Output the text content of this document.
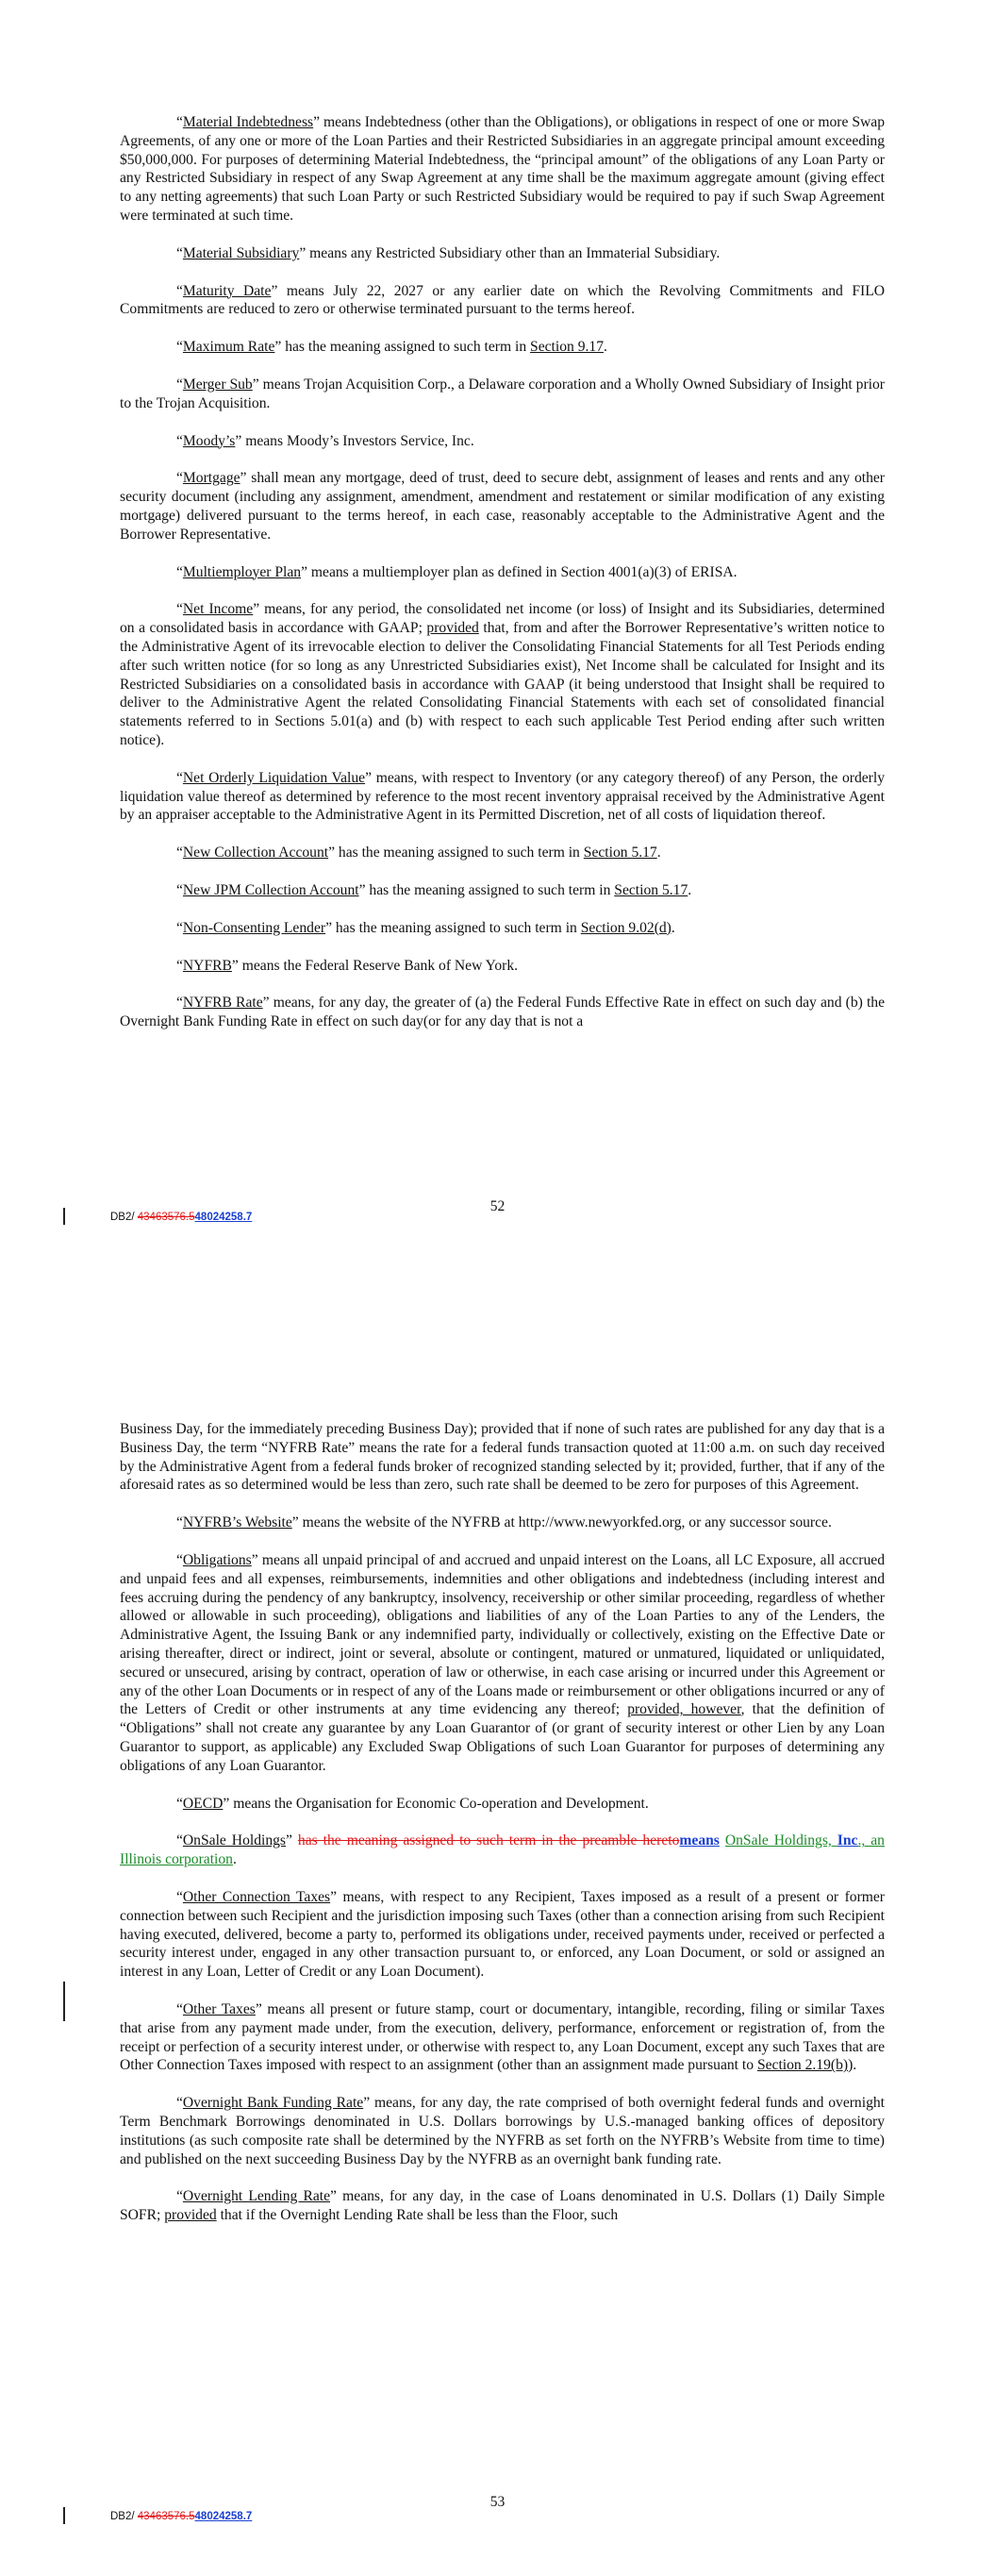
“Material Indebtedness” means Indebtedness (other than the Obligations), or obligations in respect of one or more Swap Agreements, of any one or more of the Loan Parties and their Restricted Subsidiaries in an aggregate principal amount exceeding $50,000,000. For purposes of determining Material Indebtedness, the “principal amount” of the obligations of any Loan Party or any Restricted Subsidiary in respect of any Swap Agreement at any time shall be the maximum aggregate amount (giving effect to any netting agreements) that such Loan Party or such Restricted Subsidiary would be required to pay if such Swap Agreement were terminated at such time.

“Material Subsidiary” means any Restricted Subsidiary other than an Immaterial Subsidiary.

“Maturity Date” means July 22, 2027 or any earlier date on which the Revolving Commitments and FILO Commitments are reduced to zero or otherwise terminated pursuant to the terms hereof.

“Maximum Rate” has the meaning assigned to such term in Section 9.17.

“Merger Sub” means Trojan Acquisition Corp., a Delaware corporation and a Wholly Owned Subsidiary of Insight prior to the Trojan Acquisition.

“Moody’s” means Moody’s Investors Service, Inc.

“Mortgage” shall mean any mortgage, deed of trust, deed to secure debt, assignment of leases and rents and any other security document (including any assignment, amendment, amendment and restatement or similar modification of any existing mortgage) delivered pursuant to the terms hereof, in each case, reasonably acceptable to the Administrative Agent and the Borrower Representative.

“Multiemployer Plan” means a multiemployer plan as defined in Section 4001(a)(3) of ERISA.

“Net Income” means, for any period, the consolidated net income (or loss) of Insight and its Subsidiaries, determined on a consolidated basis in accordance with GAAP; provided that, from and after the Borrower Representative’s written notice to the Administrative Agent of its irrevocable election to deliver the Consolidating Financial Statements for all Test Periods ending after such written notice (for so long as any Unrestricted Subsidiaries exist), Net Income shall be calculated for Insight and its Restricted Subsidiaries on a consolidated basis in accordance with GAAP (it being understood that Insight shall be required to deliver to the Administrative Agent the related Consolidating Financial Statements with each set of consolidated financial statements referred to in Sections 5.01(a) and (b) with respect to each such applicable Test Period ending after such written notice).

“Net Orderly Liquidation Value” means, with respect to Inventory (or any category thereof) of any Person, the orderly liquidation value thereof as determined by reference to the most recent inventory appraisal received by the Administrative Agent by an appraiser acceptable to the Administrative Agent in its Permitted Discretion, net of all costs of liquidation thereof.

“New Collection Account” has the meaning assigned to such term in Section 5.17.

“New JPM Collection Account” has the meaning assigned to such term in Section 5.17.

“Non-Consenting Lender” has the meaning assigned to such term in Section 9.02(d).

“NYFRB” means the Federal Reserve Bank of New York.

“NYFRB Rate” means, for any day, the greater of (a) the Federal Funds Effective Rate in effect on such day and (b) the Overnight Bank Funding Rate in effect on such day(or for any day that is not a

52
DB2/ 43463576.548024258.7

Business Day, for the immediately preceding Business Day); provided that if none of such rates are published for any day that is a Business Day, the term “NYFRB Rate” means the rate for a federal funds transaction quoted at 11:00 a.m. on such day received by the Administrative Agent from a federal funds broker of recognized standing selected by it; provided, further, that if any of the aforesaid rates as so determined would be less than zero, such rate shall be deemed to be zero for purposes of this Agreement.

“NYFRB’s Website” means the website of the NYFRB at http://www.newyorkfed.org, or any successor source.

“Obligations” means all unpaid principal of and accrued and unpaid interest on the Loans, all LC Exposure, all accrued and unpaid fees and all expenses, reimbursements, indemnities and other obligations and indebtedness (including interest and fees accruing during the pendency of any bankruptcy, insolvency, receivership or other similar proceeding, regardless of whether allowed or allowable in such proceeding), obligations and liabilities of any of the Loan Parties to any of the Lenders, the Administrative Agent, the Issuing Bank or any indemnified party, individually or collectively, existing on the Effective Date or arising thereafter, direct or indirect, joint or several, absolute or contingent, matured or unmatured, liquidated or unliquidated, secured or unsecured, arising by contract, operation of law or otherwise, in each case arising or incurred under this Agreement or any of the other Loan Documents or in respect of any of the Loans made or reimbursement or other obligations incurred or any of the Letters of Credit or other instruments at any time evidencing any thereof; provided, however, that the definition of “Obligations” shall not create any guarantee by any Loan Guarantor of (or grant of security interest or other Lien by any Loan Guarantor to support, as applicable) any Excluded Swap Obligations of such Loan Guarantor for purposes of determining any obligations of any Loan Guarantor.

“OECD” means the Organisation for Economic Co-operation and Development.

“OnSale Holdings” has the meaning assigned to such term in the preamble heretomeans OnSale Holdings, Inc., an Illinois corporation.

“Other Connection Taxes” means, with respect to any Recipient, Taxes imposed as a result of a present or former connection between such Recipient and the jurisdiction imposing such Taxes (other than a connection arising from such Recipient having executed, delivered, become a party to, performed its obligations under, received payments under, received or perfected a security interest under, engaged in any other transaction pursuant to, or enforced, any Loan Document, or sold or assigned an interest in any Loan, Letter of Credit or any Loan Document).

“Other Taxes” means all present or future stamp, court or documentary, intangible, recording, filing or similar Taxes that arise from any payment made under, from the execution, delivery, performance, enforcement or registration of, from the receipt or perfection of a security interest under, or otherwise with respect to, any Loan Document, except any such Taxes that are Other Connection Taxes imposed with respect to an assignment (other than an assignment made pursuant to Section 2.19(b)).

“Overnight Bank Funding Rate” means, for any day, the rate comprised of both overnight federal funds and overnight Term Benchmark Borrowings denominated in U.S. Dollars borrowings by U.S.-managed banking offices of depository institutions (as such composite rate shall be determined by the NYFRB as set forth on the NYFRB’s Website from time to time) and published on the next succeeding Business Day by the NYFRB as an overnight bank funding rate.

“Overnight Lending Rate” means, for any day, in the case of Loans denominated in U.S. Dollars (1) Daily Simple SOFR; provided that if the Overnight Lending Rate shall be less than the Floor, such

53
DB2/ 43463576.548024258.7
